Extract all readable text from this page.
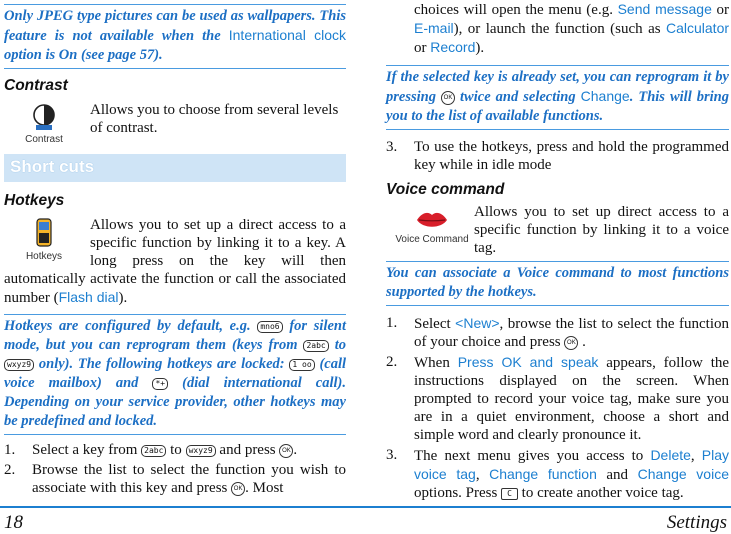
Only JPEG type pictures can be used as wallpapers. This feature is not available when the International clock option is On (see page 57).
Contrast
Contrast
Allows you to choose from several levels of contrast.
Short cuts
Hotkeys
Hotkeys
Allows you to set up a direct access to a specific function by linking it to a key. A long press on the key will then automatically activate the function or call the associated number (Flash dial).
Hotkeys are configured by default, e.g. mno6 for silent mode, but you can reprogram them (keys from 2abc to wxyz9 only). The following hotkeys are locked: 1 oo (call voice mailbox) and *+ (dial international call). Depending on your service provider, other hotkeys may be predefined and locked.
1. Select a key from 2abc to wxyz9 and press OK .
2. Browse the list to select the function you wish to associate with this key and press OK . Most
choices will open the menu (e.g. Send message or E-mail), or launch the function (such as Calculator or Record).
If the selected key is already set, you can reprogram it by pressing OK twice and selecting Change. This will bring you to the list of available functions.
3. To use the hotkeys, press and hold the programmed key while in idle mode
Voice command
Voice Command
Allows you to set up direct access to a specific function by linking it to a voice tag.
You can associate a Voice command to most functions supported by the hotkeys.
1. Select <New>, browse the list to select the function of your choice and press OK .
2. When Press OK and speak appears, follow the instructions displayed on the screen. When prompted to record your voice tag, make sure you are in a quiet environment, choose a short and simple word and clearly pronounce it.
3. The next menu gives you access to Delete, Play voice tag, Change function and Change voice options. Press C to create another voice tag.
18	Settings
